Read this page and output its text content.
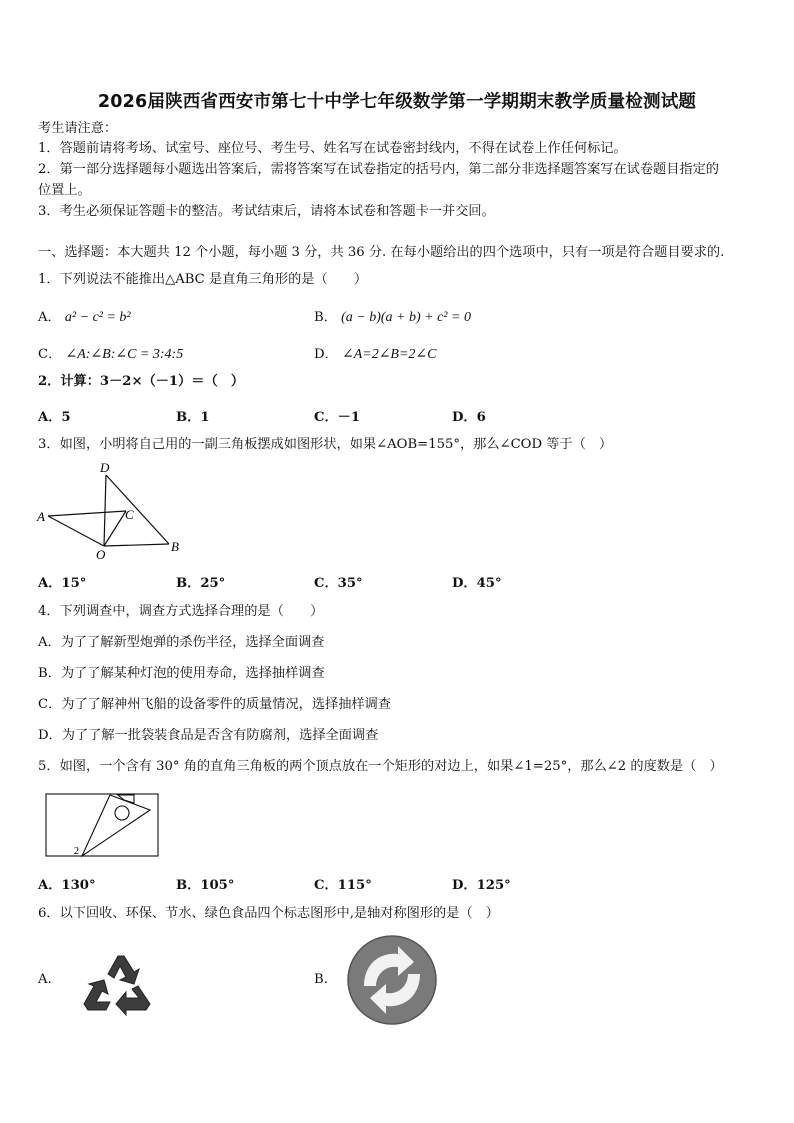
2026届陕西省西安市第七十中学七年级数学第一学期期末教学质量检测试题
考生请注意：
1．答题前请将考场、试室号、座位号、考生号、姓名写在试卷密封线内，不得在试卷上作任何标记。
2．第一部分选择题每小题选出答案后，需将答案写在试卷指定的括号内，第二部分非选择题答案写在试卷题目指定的
位置上。
3．考生必须保证答题卡的整洁。考试结束后，请将本试卷和答题卡一并交回。
一、选择题：本大题共 12 个小题，每小题 3 分，共 36 分. 在每小题给出的四个选项中，只有一项是符合题目要求的.
1．下列说法不能推出△ABC 是直角三角形的是（　　）
A． a² − c² = b²	B． (a − b)(a + b) + c² = 0
C． ∠A:∠B:∠C = 3:4:5	D． ∠A=2∠B=2∠C
2．计算：3－2×（－1）＝（　）
A．5	B．1	C．－1	D．6
3．如图，小明将自己用的一副三角板摆成如图形状，如果∠AOB=155°，那么∠COD 等于（　）
D
A	C
O
B
A．15°	B．25°	C．35°	D．45°
4．下列调查中，调查方式选择合理的是（　　）
A．为了了解新型炮弹的杀伤半径，选择全面调查
B．为了了解某种灯泡的使用寿命，选择抽样调查
C．为了了解神州飞船的设备零件的质量情况，选择抽样调查
D．为了了解一批袋装食品是否含有防腐剂，选择全面调查
5．如图，一个含有 30° 角的直角三角板的两个顶点放在一个矩形的对边上，如果∠1=25°，那么∠2 的度数是（　）
2
A．130°	B．105°	C．115°	D．125°
6．以下回收、环保、节水、绿色食品四个标志图形中,是轴对称图形的是（　）
A.	B.
